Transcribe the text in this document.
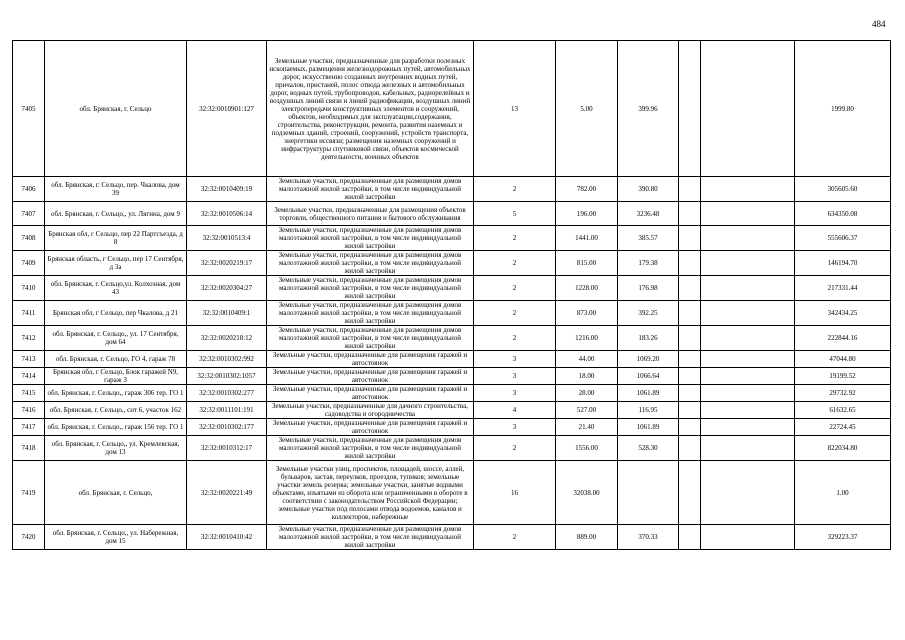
484
7405	обл. Брянская, г. Сельцо	32:32:0010901:127	Земельные участки, предназначенные для разработки полезных ископаемых, размещения железнодорожных путей, автомобильных дорог, искусственно созданных внутренних водных путей, причалов, пристаней, полос отвода железных и автомобильных дорог, водных путей, трубопроводов, кабельных, радиорелейных и воздушных линий связи и линий радиофикации, воздушных линий электропередачи конструктивных элементов и сооружений, объектов, необходимых для эксплуатации,содержания, строительства, реконструкции, ремонта, развития наземных и подземных зданий, строений, сооружений, устройств транспорта, энергетики иссвязи; размещения наземных сооружений и инфраструктуры спутниковой связи, объектов космической деятельности, военных объектов	13	5.00	399.96			1999.80
7406	обл. Брянская, г. Сельцо, пер. Чкалова, дом 39	32:32:0010409:19	Земельные участки, предназначенные для размещения домов малоэтажной жилой застройки, в том числе индивидуальной жилой застройки	2	782.00	390.80			305605.60
7407	обл. Брянская, г. Сельцо,, ул. Лягина, дом 9	32:32:0010506:14	Земельные участки, предназначенные для размещения объектов торговли, общественного питания и бытового обслуживания	5	196.00	3236.48			634350.08
7408	Брянская обл, г Сельцо, пер 22 Партсъезда, д 8	32:32:0010513:4	Земельные участки, предназначенные для размещения домов малоэтажной жилой застройки, в том числе индивидуальной жилой застройки	2	1441.00	385.57			555606.37
7409	Брянская область, г Сельцо, пер 17 Сентября, д 3а	32:32:0020219:17	Земельные участки, предназначенные для размещения домов малоэтажной жилой застройки, в том числе индивидуальной жилой застройки	2	815.00	179.38			146194.70
7410	обл. Брянская, г. Сельцо,ул. Колхозная, дом 43	32:32:0020304:27	Земельные участки, предназначенные для размещения домов малоэтажной жилой застройки, в том числе индивидуальной жилой застройки	2	1228.00	176.98			217331.44
7411	Брянская обл, г Сельцо, пер Чкалова, д 21	32:32:0010409:1	Земельные участки, предназначенные для размещения домов малоэтажной жилой застройки, в том числе индивидуальной жилой застройки	2	873.00	392.25			342434.25
7412	обл. Брянская, г. Сельцо,, ул. 17 Сентября, дом 64	32:32:0020218:12	Земельные участки, предназначенные для размещения домов малоэтажной жилой застройки, в том числе индивидуальной жилой застройки	2	1216.00	183.26			222844.16
7413	обл. Брянская, г. Сельцо, ГО 4, гараж 78	32:32:0010302:992	Земельные участки, предназначенные для размещения гаражей и автостоянок	3	44.00	1069.20			47044.80
7414	Брянская обл, г Сельцо, Блок гаражей N9, гараж 3	32:32:0010302:1057	Земельные участки, предназначенные для размещения гаражей и автостоянок	3	18.00	1066.64			19199.52
7415	обл. Брянская, г. Сельцо,, гараж 306 тер. ГО 1	32:32:0010302:277	Земельные участки, предназначенные для размещения гаражей и автостоянок	3	28.00	1061.89			29732.92
7416	обл. Брянская, г. Сельцо,, снт 6, участок 162	32:32:0011101:191	Земельные участки, предназначенные для дачного строительства, садоводства и огородничества	4	527.00	116.95			61632.65
7417	обл. Брянская, г. Сельцо,, гараж 156 тер. ГО 1	32:32:0010302:177	Земельные участки, предназначенные для размещения гаражей и автостоянок	3	21.40	1061.89			22724.45
7418	обл. Брянская, г. Сельцо,, ул. Кремлевская, дом 13	32:32:0010312:17	Земельные участки, предназначенные для размещения домов малоэтажной жилой застройки, в том числе индивидуальной жилой застройки	2	1556.00	528.30			822034.80
7419	обл. Брянская, г. Сельцо,	32:32:0020221:49	Земельные участки улиц, проспектов, площадей, шоссе, аллей, бульваров, застав, переулков, проездов, тупиков; земельные участки земель резерва; земельные участки, занятые водными объектами, изъятыми из оборота или ограниченными в обороте в соответствии с законодательством Российской Федерации; земельные участки под полосами отвода водоемов, каналов и коллекторов, набережные	16	32038.00				1.00
7420	обл. Брянская, г. Сельцо,, ул. Набережная, дом 15	32:32:0010410:42	Земельные участки, предназначенные для размещения домов малоэтажной жилой застройки, в том числе индивидуальной жилой застройки	2	889.00	370.33			329223.37
